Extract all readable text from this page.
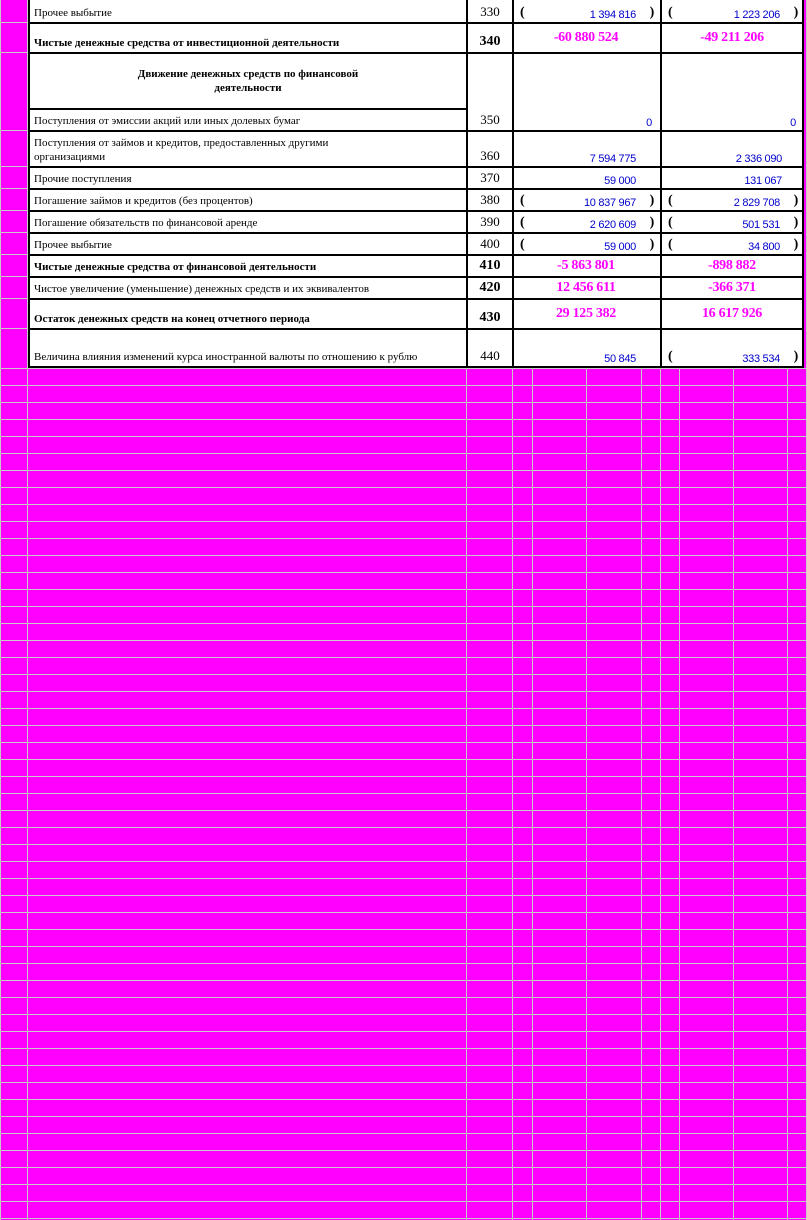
Прочее выбытие	330	(	1 394 816 ) (	1 223 206 )
Чистые денежные средства от инвестиционной деятельности	340	-60 880 524	-49 211 206
Движение денежных средств по финансовой деятельности
Поступления от эмиссии акций или иных долевых бумаг	350	0	0
Поступления от займов и кредитов, предоставленных другими организациями	360	7 594 775	2 336 090
Прочие поступления	370	59 000	131 067
Погашение займов и кредитов (без процентов)	380	(	10 837 967 ) (	2 829 708 )
Погашение обязательств по финансовой аренде	390	(	2 620 609 ) (	501 531 )
Прочее выбытие	400	(	59 000 ) (	34 800 )
Чистые денежные средства от финансовой деятельности	410	-5 863 801	-898 882
Чистое увеличение (уменьшение) денежных средств и их эквивалентов	420	12 456 611	-366 371
Остаток денежных средств на конец отчетного периода	430	29 125 382	16 617 926
Величина влияния изменений курса иностранной валюты по отношению к рублю	440	50 845	(	333 534 )
